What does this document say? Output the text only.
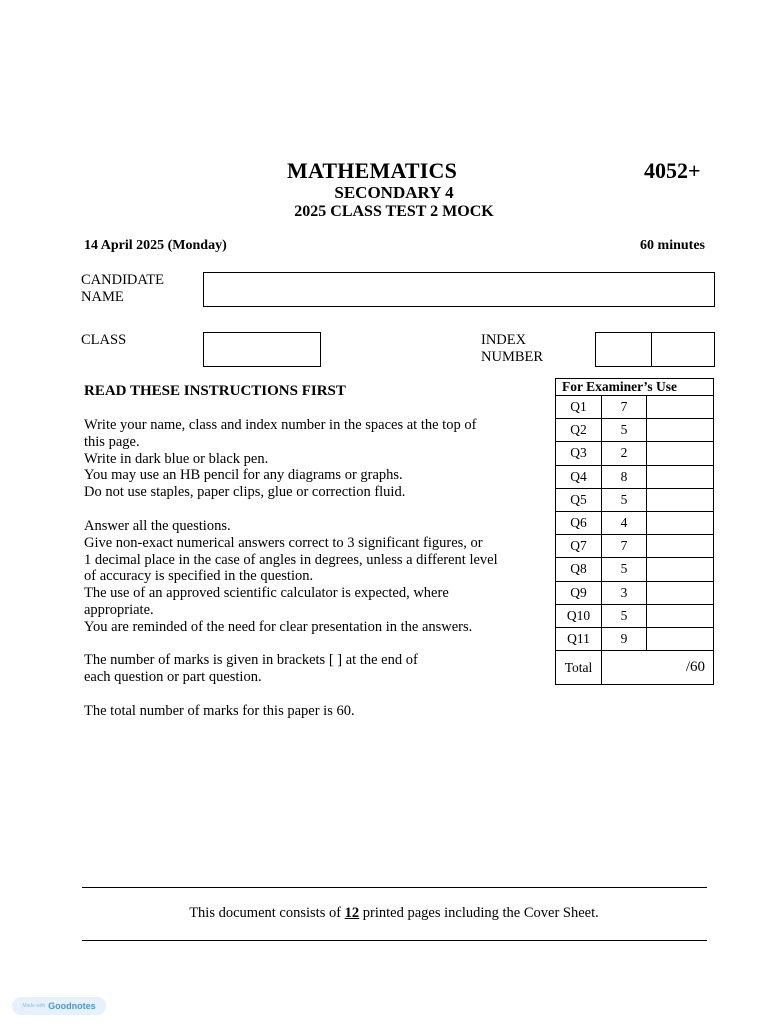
MATHEMATICS	4052+
SECONDARY 4
2025 CLASS TEST 2 MOCK
14 April 2025 (Monday)	60 minutes
CANDIDATE
NAME
CLASS	INDEX
NUMBER
READ THESE INSTRUCTIONS FIRST
Write your name, class and index number in the spaces at the top of
this page.
Write in dark blue or black pen.
You may use an HB pencil for any diagrams or graphs.
Do not use staples, paper clips, glue or correction fluid.
Answer all the questions.
Give non-exact numerical answers correct to 3 significant figures, or
1 decimal place in the case of angles in degrees, unless a different level
of accuracy is specified in the question.
The use of an approved scientific calculator is expected, where
appropriate.
You are reminded of the need for clear presentation in the answers.
The number of marks is given in brackets [ ] at the end of
each question or part question.
The total number of marks for this paper is 60.
For Examiner’s Use		
Q1	7	
Q2	5	
Q3	2	
Q4	8	
Q5	5	
Q6	4	
Q7	7	
Q8	5	
Q9	3	
Q10	5	
Q11	9	
Total	/60	
This document consists of 12 printed pages including the Cover Sheet.
Made with Goodnotes
